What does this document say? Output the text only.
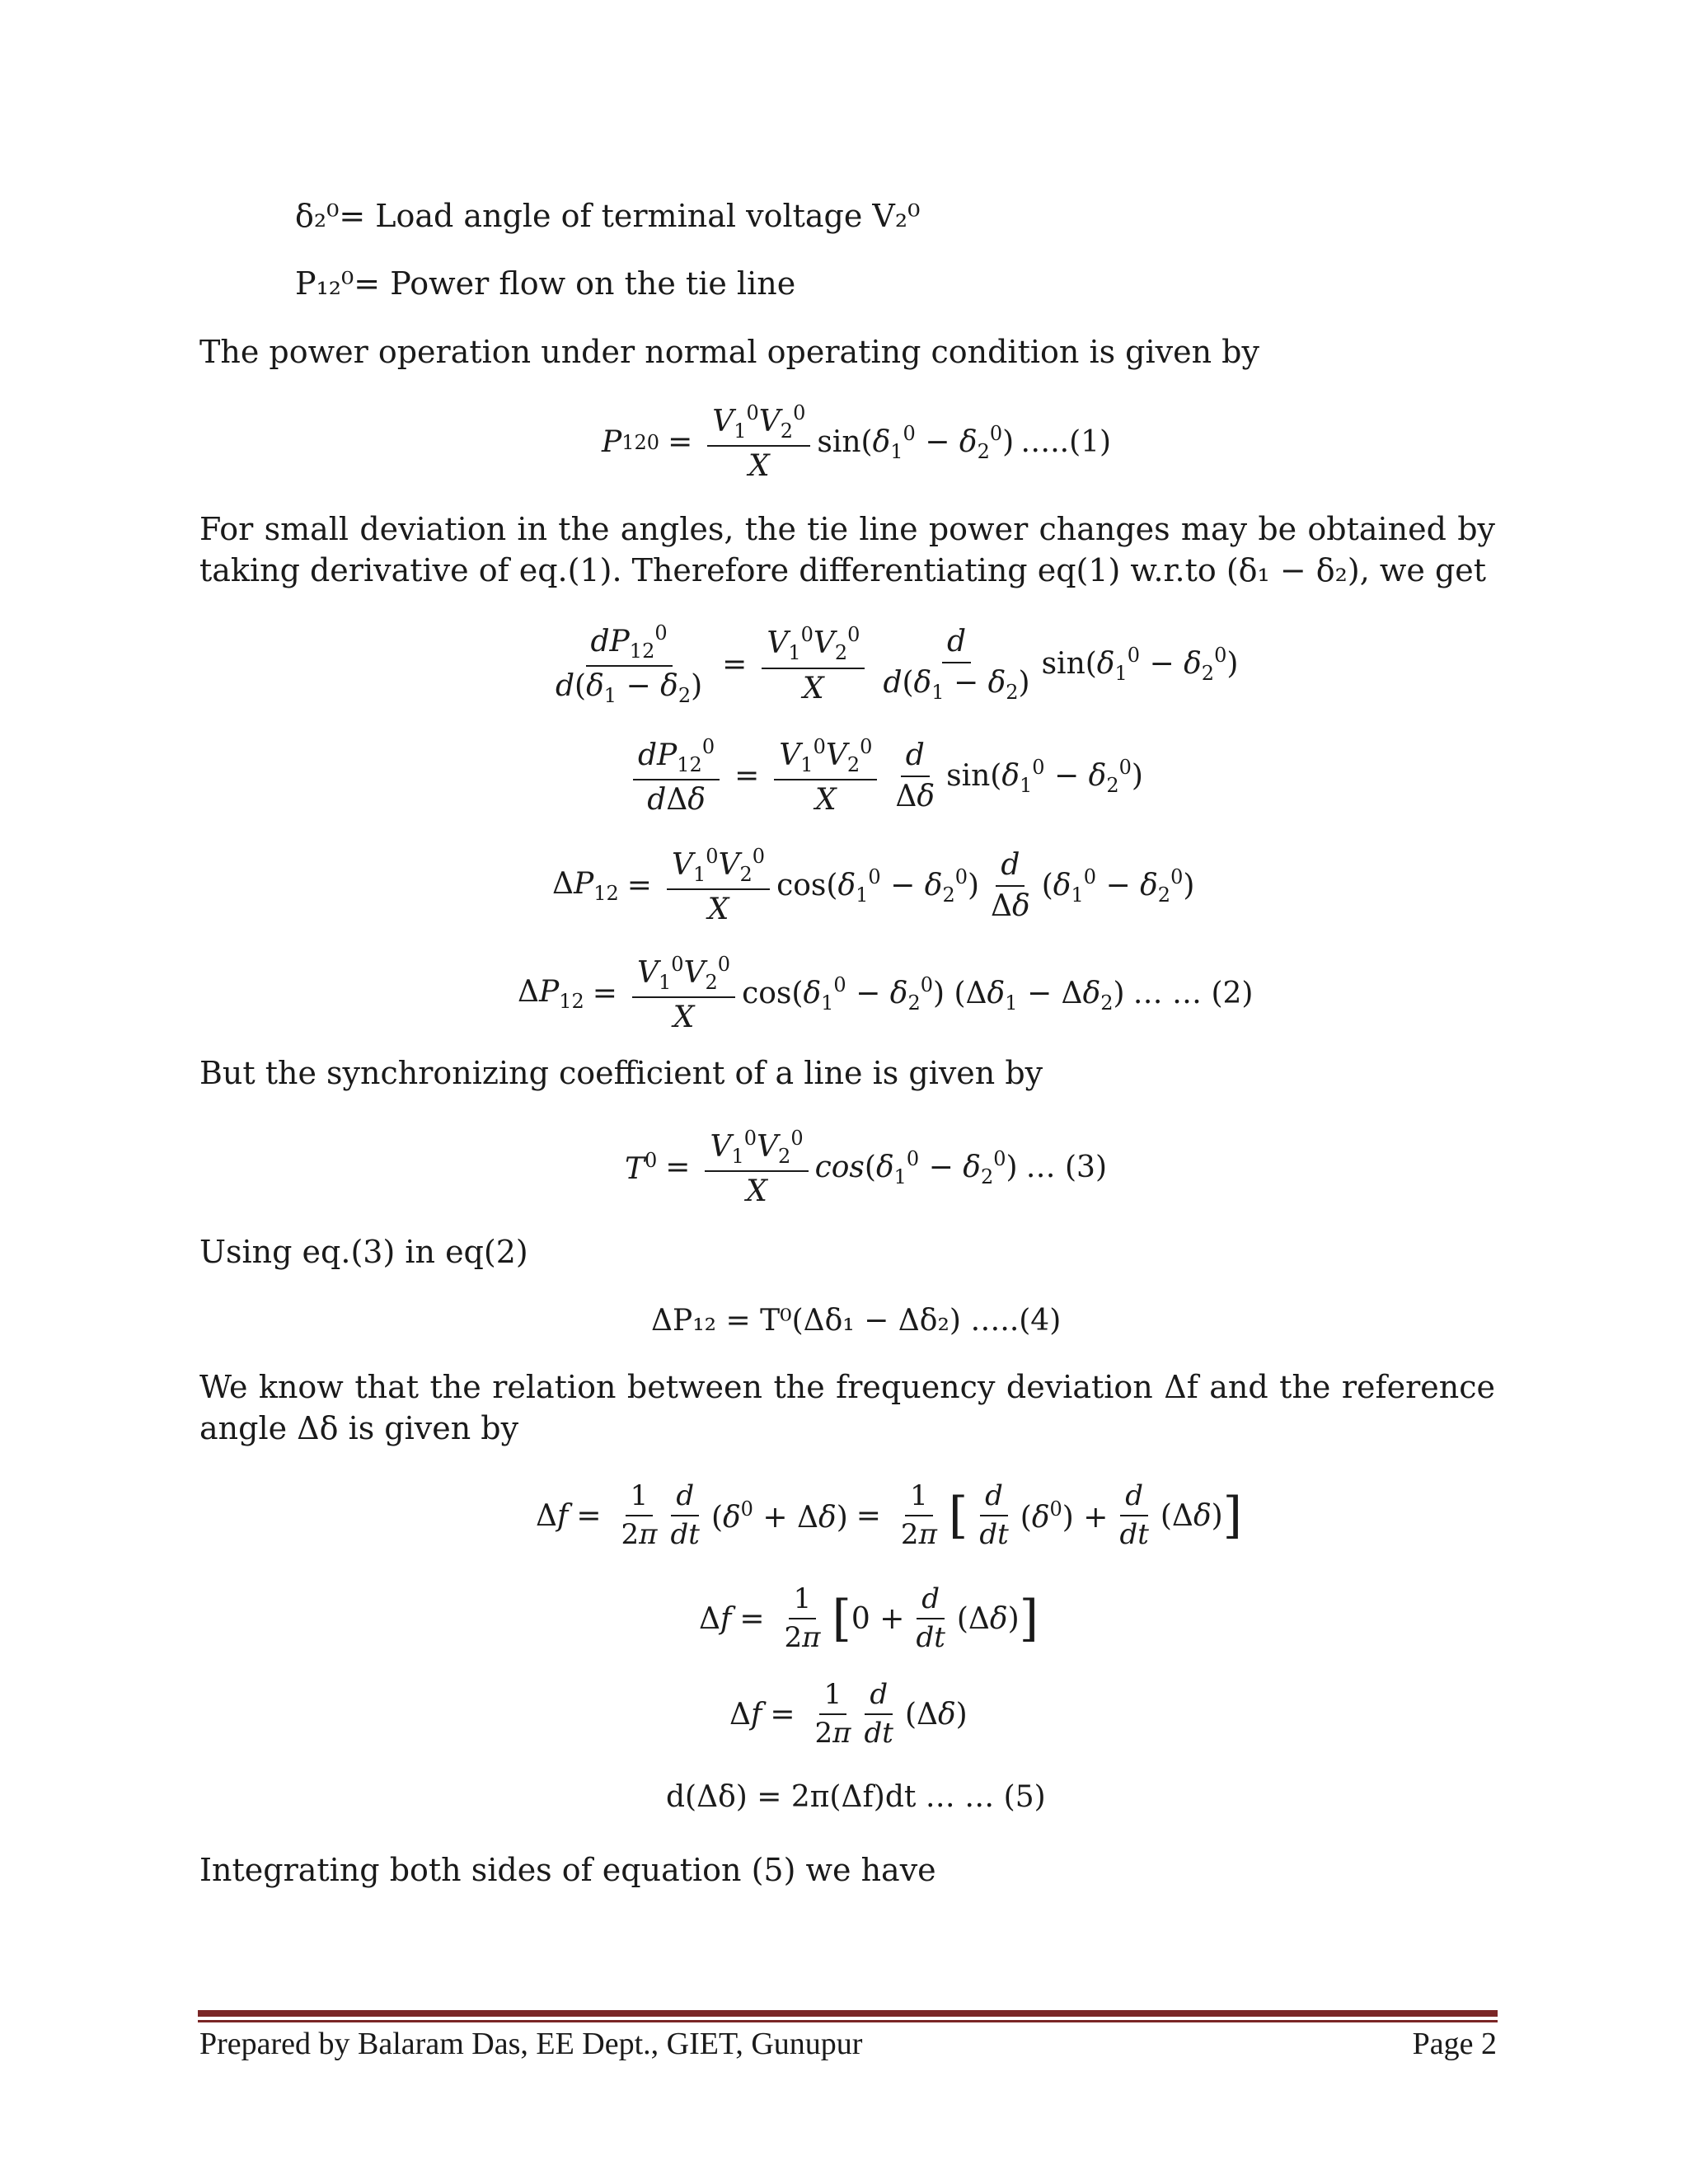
δ₂⁰= Load angle of terminal voltage V₂⁰
P₁₂⁰= Power flow on the tie line
The power operation under normal operating condition is given by
P 12 $0 = \frac{V_1^0V_2^0}{X} \sin(\delta_1^0 - \delta_2^0)$ …..(1)
For small deviation in the angles, the tie line power changes may be obtained by taking derivative of eq.(1). Therefore differentiating eq(1) w.r.to (δ₁ − δ₂), we get
$\frac{dP_{12}^0}{d(\delta_1 - \delta_2)} = \frac{V_1^0V_2^0}{X} \frac{d}{d(\delta_1 - \delta_2)} \sin(\delta_1^0 - \delta_2^0)$
$\frac{dP_{12}^0}{\text{dΔδ}} = \frac{V_1^0V_2^0}{X} \frac{d}{\Delta\delta} \sin(\delta_1^0 - \delta_2^0)$
$\Delta P_{12} = \frac{V_1^0V_2^0}{X} \cos(\delta_1^0 - \delta_2^0) \frac{d}{\Delta\delta} (\delta_1^0 - \delta_2^0)$
$\Delta P_{12} = \frac{V_1^0V_2^0}{X} \cos(\delta_1^0 - \delta_2^0) (\Delta\delta_1 - \Delta\delta_2)$ … … (2)
But the synchronizing coefficient of a line is given by
$T^0 = \frac{V_1^0V_2^0}{X} \cos(\delta_1^0 - \delta_2^0)$ … (3)
Using eq.(3) in eq(2)
ΔP₁₂ = T⁰(Δδ₁ − Δδ₂) …..(4)
We know that the relation between the frequency deviation Δf and the reference angle Δδ is given by
$\Delta f = \frac{1}{2\pi} \frac{d}{dt} (\delta^0 + \Delta\delta) = \frac{1}{2\pi}$ [ $\frac{d}{dt} (\delta^0) + \frac{d}{dt} (\Delta\delta)$ ]
$\Delta f = \frac{1}{2\pi}$ [ $0 + \frac{d}{dt} (\Delta\delta)$ ]
$\Delta f = \frac{1}{2\pi} \frac{d}{dt} (\Delta\delta)$
d(Δδ) = 2π(Δf)dt … … (5)
Integrating both sides of equation (5) we have
Prepared by Balaram Das, EE Dept., GIET, Gunupur	Page 2
